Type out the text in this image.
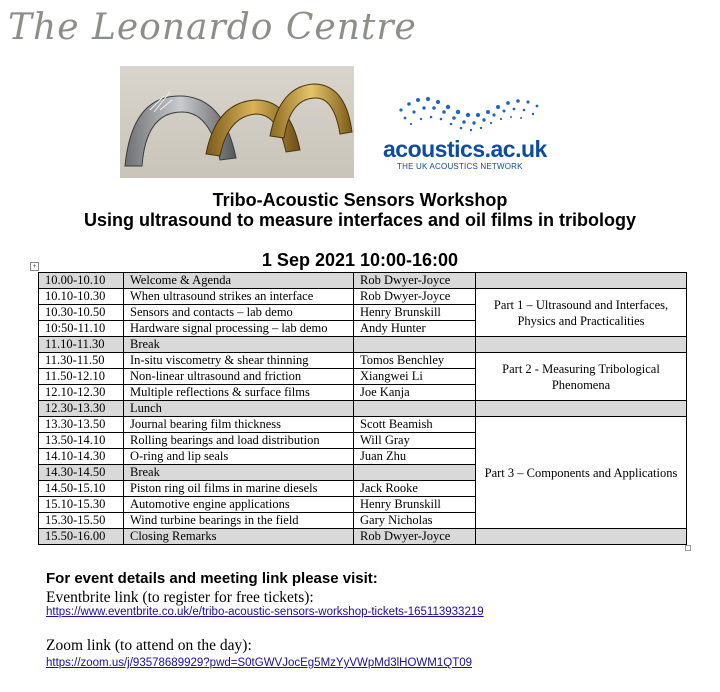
The Leonardo Centre
acoustics.ac.uk
THE UK ACOUSTICS NETWORK
Tribo-Acoustic Sensors Workshop
Using ultrasound to measure interfaces and oil films in tribology
1 Sep 2021 10:00-16:00
+
10.00-10.10	Welcome & Agenda	Rob Dwyer-Joyce	
10.10-10.30	When ultrasound strikes an interface	Rob Dwyer-Joyce	Part 1 – Ultrasound and Interfaces, Physics and Practicalities
10.30-10.50	Sensors and contacts – lab demo	Henry Brunskill	
10:50-11.10	Hardware signal processing – lab demo	Andy Hunter	
11.10-11.30	Break		
11.30-11.50	In-situ viscometry & shear thinning	Tomos Benchley	Part 2 - Measuring Tribological Phenomena
11.50-12.10	Non-linear ultrasound and friction	Xiangwei Li	
12.10-12.30	Multiple reflections & surface films	Joe Kanja	
12.30-13.30	Lunch		
13.30-13.50	Journal bearing film thickness	Scott Beamish	Part 3 – Components and Applications
13.50-14.10	Rolling bearings and load distribution	Will Gray	
14.10-14.30	O-ring and lip seals	Juan Zhu	
14.30-14.50	Break		
14.50-15.10	Piston ring oil films in marine diesels	Jack Rooke	
15.10-15.30	Automotive engine applications	Henry Brunskill	
15.30-15.50	Wind turbine bearings in the field	Gary Nicholas	
15.50-16.00	Closing Remarks	Rob Dwyer-Joyce	
For event details and meeting link please visit:
Eventbrite link (to register for free tickets):
https://www.eventbrite.co.uk/e/tribo-acoustic-sensors-workshop-tickets-165113933219
Zoom link (to attend on the day):
https://zoom.us/j/93578689929?pwd=S0tGWVJocEg5MzYyVWpMd3lHOWM1QT09
